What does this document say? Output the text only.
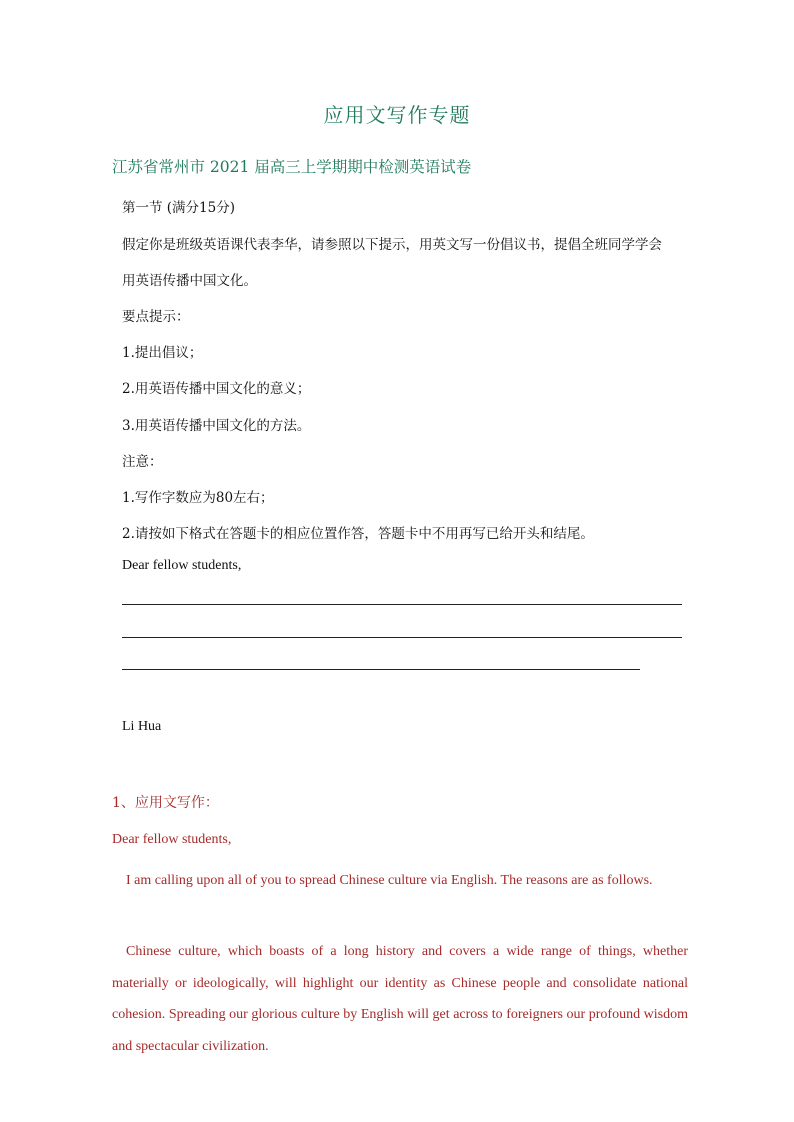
应用文写作专题
江苏省常州市 2021 届高三上学期期中检测英语试卷
第一节 (满分15分)
假定你是班级英语课代表李华，请参照以下提示，用英文写一份倡议书，提倡全班同学学会
用英语传播中国文化。
要点提示：
1.提出倡议；
2.用英语传播中国文化的意义；
3.用英语传播中国文化的方法。
注意：
1.写作字数应为80左右；
2.请按如下格式在答题卡的相应位置作答，答题卡中不用再写已给开头和结尾。
Dear fellow students,
Li Hua
1、应用文写作：
Dear fellow students,
I am calling upon all of you to spread Chinese culture via English. The reasons are as follows.
Chinese culture, which boasts of a long history and covers a wide range of things, whether materially or ideologically, will highlight our identity as Chinese people and consolidate national cohesion. Spreading our glorious culture by English will get across to foreigners our profound wisdom and spectacular civilization.
